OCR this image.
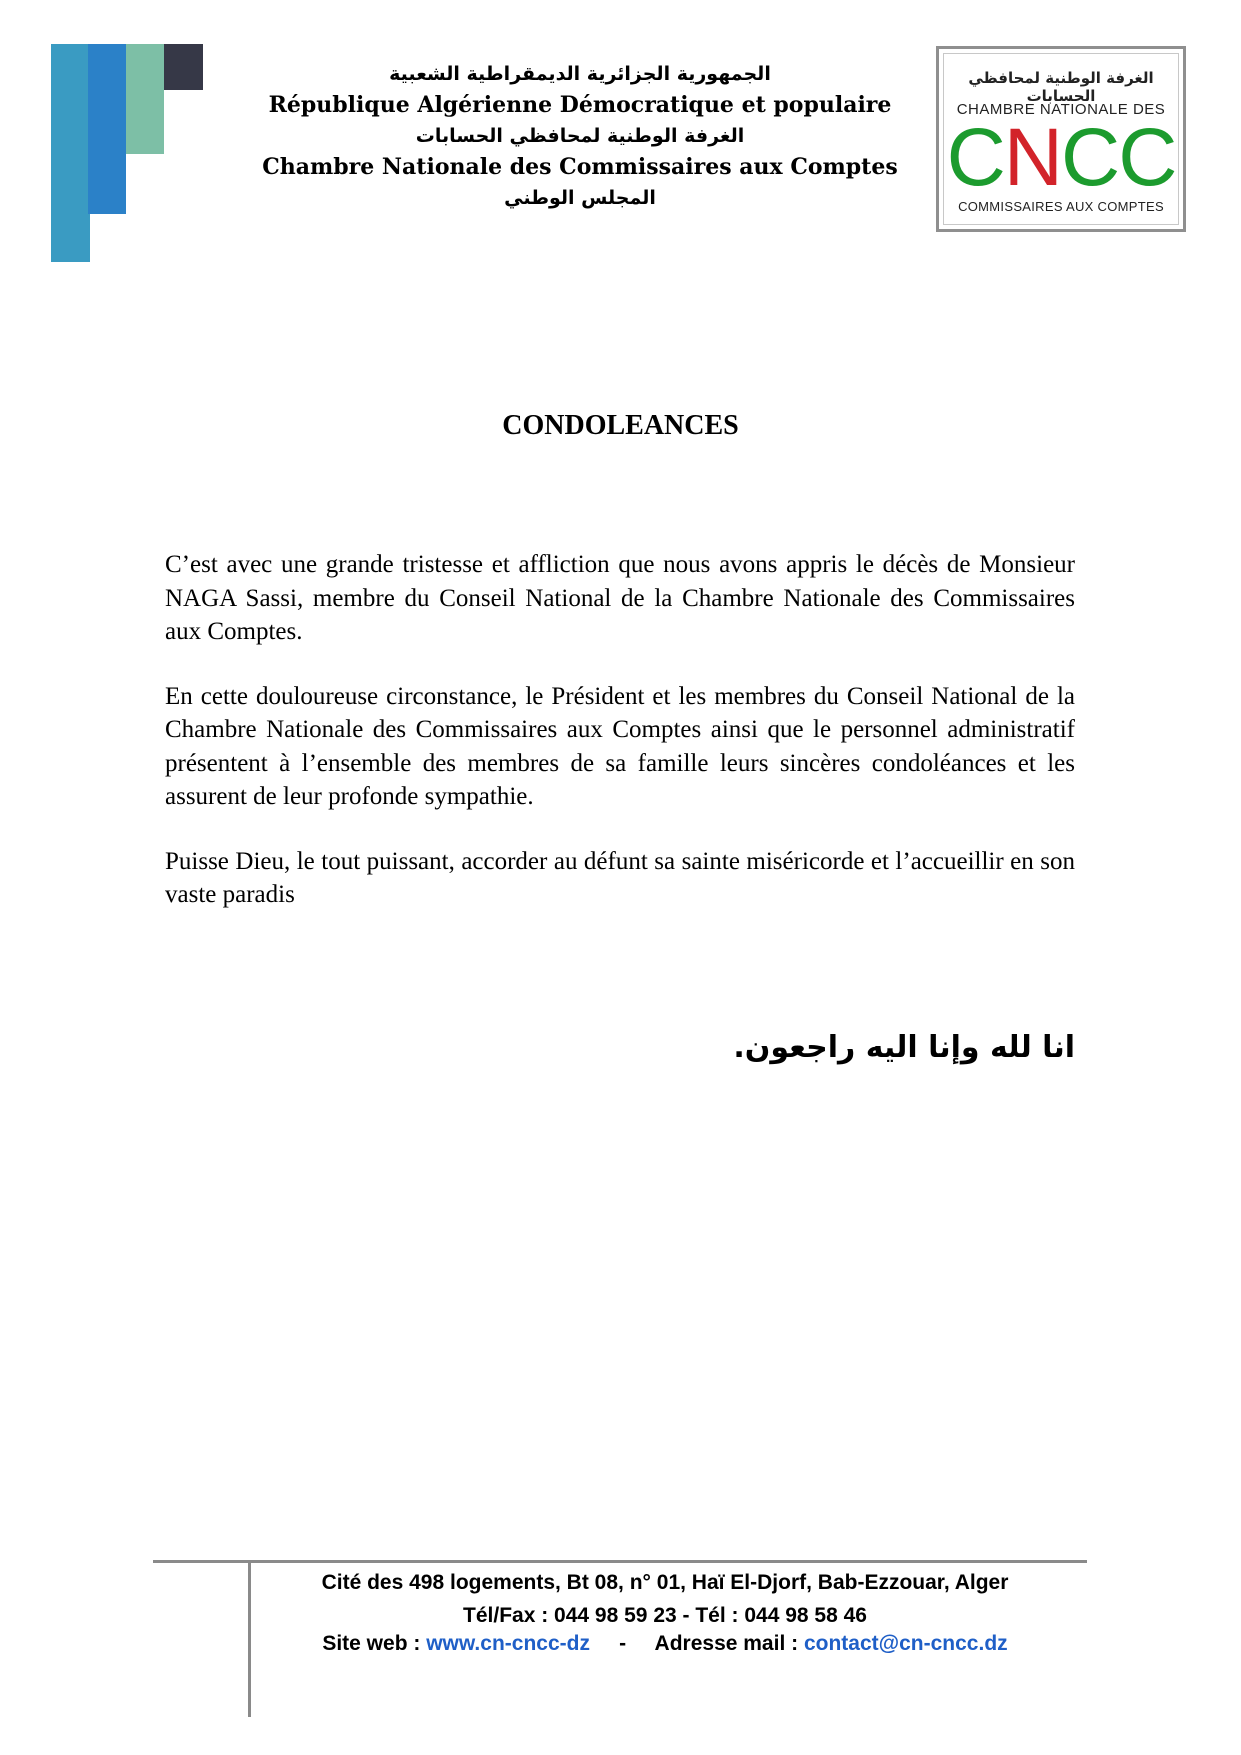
الجمهورية الجزائرية الديمقراطية الشعبية
République Algérienne Démocratique et populaire
الغرفة الوطنية لمحافظي الحسابات
Chambre Nationale des Commissaires aux Comptes
المجلس الوطني
الغرفة الوطنية لمحافظي الحسابات
CHAMBRE NATIONALE DES
CNCC
COMMISSAIRES AUX COMPTES
CONDOLEANCES

C’est avec une grande tristesse et affliction que nous avons appris le décès de Monsieur NAGA Sassi, membre du Conseil National de la Chambre Nationale des Commissaires aux Comptes.

En cette douloureuse circonstance, le Président et les membres du Conseil National de la Chambre Nationale des Commissaires aux Comptes ainsi que le personnel administratif présentent à l’ensemble des membres de sa famille leurs sincères condoléances et les assurent de leur profonde sympathie.

Puisse Dieu, le tout puissant, accorder au défunt sa sainte miséricorde et l’accueillir en son vaste paradis

انا لله وإنا اليه راجعون.
Cité des 498 logements, Bt 08, n° 01, Haï El-Djorf, Bab-Ezzouar, Alger
Tél/Fax : 044 98 59 23 - Tél : 044 98 58 46
Site web : www.cn-cncc-dz - Adresse mail : contact@cn-cncc.dz
